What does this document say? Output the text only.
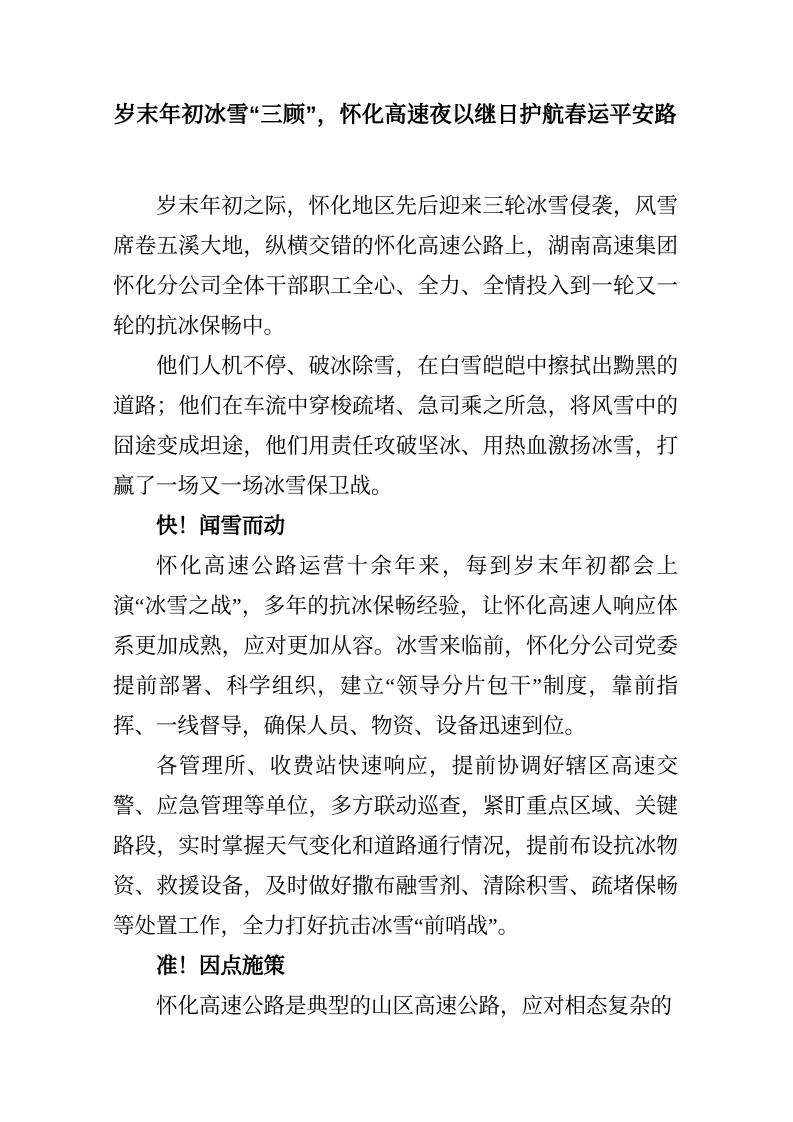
岁末年初冰雪“三顾”，怀化高速夜以继日护航春运平安路

岁末年初之际，怀化地区先后迎来三轮冰雪侵袭，风雪席卷五溪大地，纵横交错的怀化高速公路上，湖南高速集团怀化分公司全体干部职工全心、全力、全情投入到一轮又一轮的抗冰保畅中。

他们人机不停、破冰除雪，在白雪皑皑中擦拭出黝黑的道路；他们在车流中穿梭疏堵、急司乘之所急，将风雪中的囧途变成坦途，他们用责任攻破坚冰、用热血激扬冰雪，打赢了一场又一场冰雪保卫战。

快！闻雪而动

怀化高速公路运营十余年来，每到岁末年初都会上演“冰雪之战”，多年的抗冰保畅经验，让怀化高速人响应体系更加成熟，应对更加从容。冰雪来临前，怀化分公司党委提前部署、科学组织，建立“领导分片包干”制度，靠前指挥、一线督导，确保人员、物资、设备迅速到位。

各管理所、收费站快速响应，提前协调好辖区高速交警、应急管理等单位，多方联动巡查，紧盯重点区域、关键路段，实时掌握天气变化和道路通行情况，提前布设抗冰物资、救援设备，及时做好撒布融雪剂、清除积雪、疏堵保畅等处置工作，全力打好抗击冰雪“前哨战”。

准！因点施策

怀化高速公路是典型的山区高速公路，应对相态复杂的
